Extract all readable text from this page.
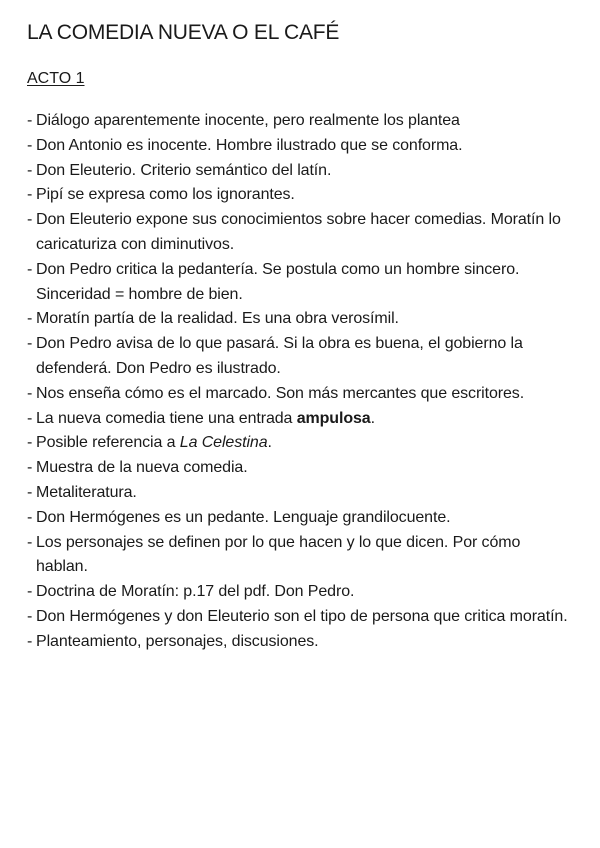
LA COMEDIA NUEVA O EL CAFÉ
ACTO 1
- Diálogo aparentemente inocente, pero realmente los plantea
- Don Antonio es inocente. Hombre ilustrado que se conforma.
- Don Eleuterio. Criterio semántico del latín.
- Pipí se expresa como los ignorantes.
- Don Eleuterio expone sus conocimientos sobre hacer comedias. Moratín lo caricaturiza con diminutivos.
- Don Pedro critica la pedantería. Se postula como un hombre sincero. Sinceridad = hombre de bien.
- Moratín partía de la realidad. Es una obra verosímil.
- Don Pedro avisa de lo que pasará. Si la obra es buena, el gobierno la defenderá. Don Pedro es ilustrado.
- Nos enseña cómo es el marcado. Son más mercantes que escritores.
- La nueva comedia tiene una entrada ampulosa.
- Posible referencia a La Celestina.
- Muestra de la nueva comedia.
- Metaliteratura.
- Don Hermógenes es un pedante. Lenguaje grandilocuente.
- Los personajes se definen por lo que hacen y lo que dicen. Por cómo hablan.
- Doctrina de Moratín: p.17 del pdf. Don Pedro.
- Don Hermógenes y don Eleuterio son el tipo de persona que critica moratín.
- Planteamiento, personajes, discusiones.
